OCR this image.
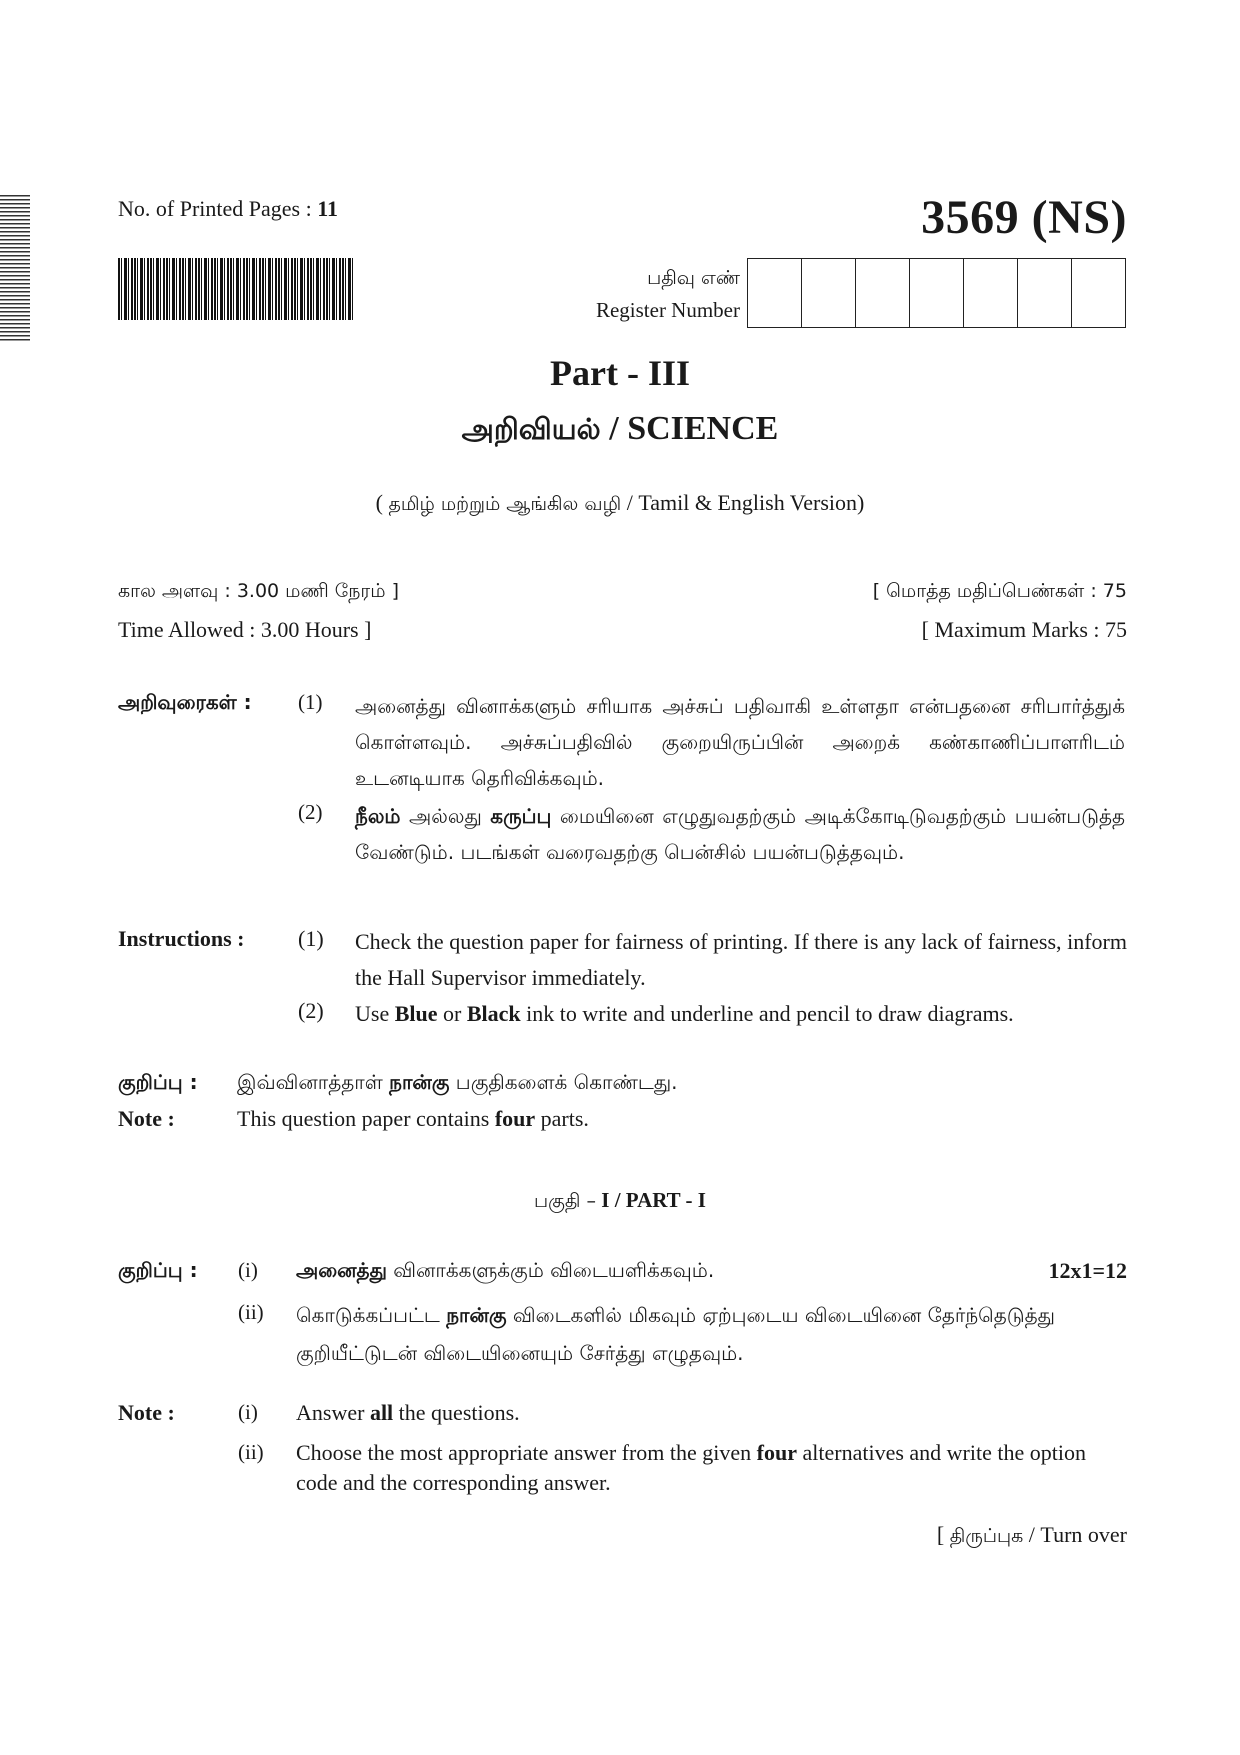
No. of Printed Pages : 11	3569 (NS)
பதிவு எண்
Register Number
Part - III
அறிவியல் / SCIENCE
( தமிழ் மற்றும் ஆங்கில வழி / Tamil & English Version)
கால அளவு : 3.00 மணி நேரம் ]
Time Allowed : 3.00 Hours ]
[ மொத்த மதிப்பெண்கள் : 75
[ Maximum Marks : 75
அறிவுரைகள் : (1) அனைத்து வினாக்களும் சரியாக அச்சுப் பதிவாகி உள்ளதா என்பதனை சரிபார்த்துக் கொள்ளவும். அச்சுப்பதிவில் குறையிருப்பின் அறைக் கண்காணிப்பாளரிடம் உடனடியாக தெரிவிக்கவும்.
(2) நீலம் அல்லது கருப்பு மையினை எழுதுவதற்கும் அடிக்கோடிடுவதற்கும் பயன்படுத்த வேண்டும். படங்கள் வரைவதற்கு பென்சில் பயன்படுத்தவும்.
Instructions : (1) Check the question paper for fairness of printing. If there is any lack of fairness, inform the Hall Supervisor immediately.
(2) Use Blue or Black ink to write and underline and pencil to draw diagrams.
குறிப்பு : இவ்வினாத்தாள் நான்கு பகுதிகளைக் கொண்டது.
Note :	This question paper contains four parts.
பகுதி – I / PART - I
குறிப்பு : (i) அனைத்து வினாக்களுக்கும் விடையளிக்கவும்.	12x1=12
(ii) கொடுக்கப்பட்ட நான்கு விடைகளில் மிகவும் ஏற்புடைய விடையினை தேர்ந்தெடுத்து குறியீட்டுடன் விடையினையும் சேர்த்து எழுதவும்.
Note :	(i) Answer all the questions.
(ii) Choose the most appropriate answer from the given four alternatives and write the option code and the corresponding answer.
[ திருப்புக / Turn over
